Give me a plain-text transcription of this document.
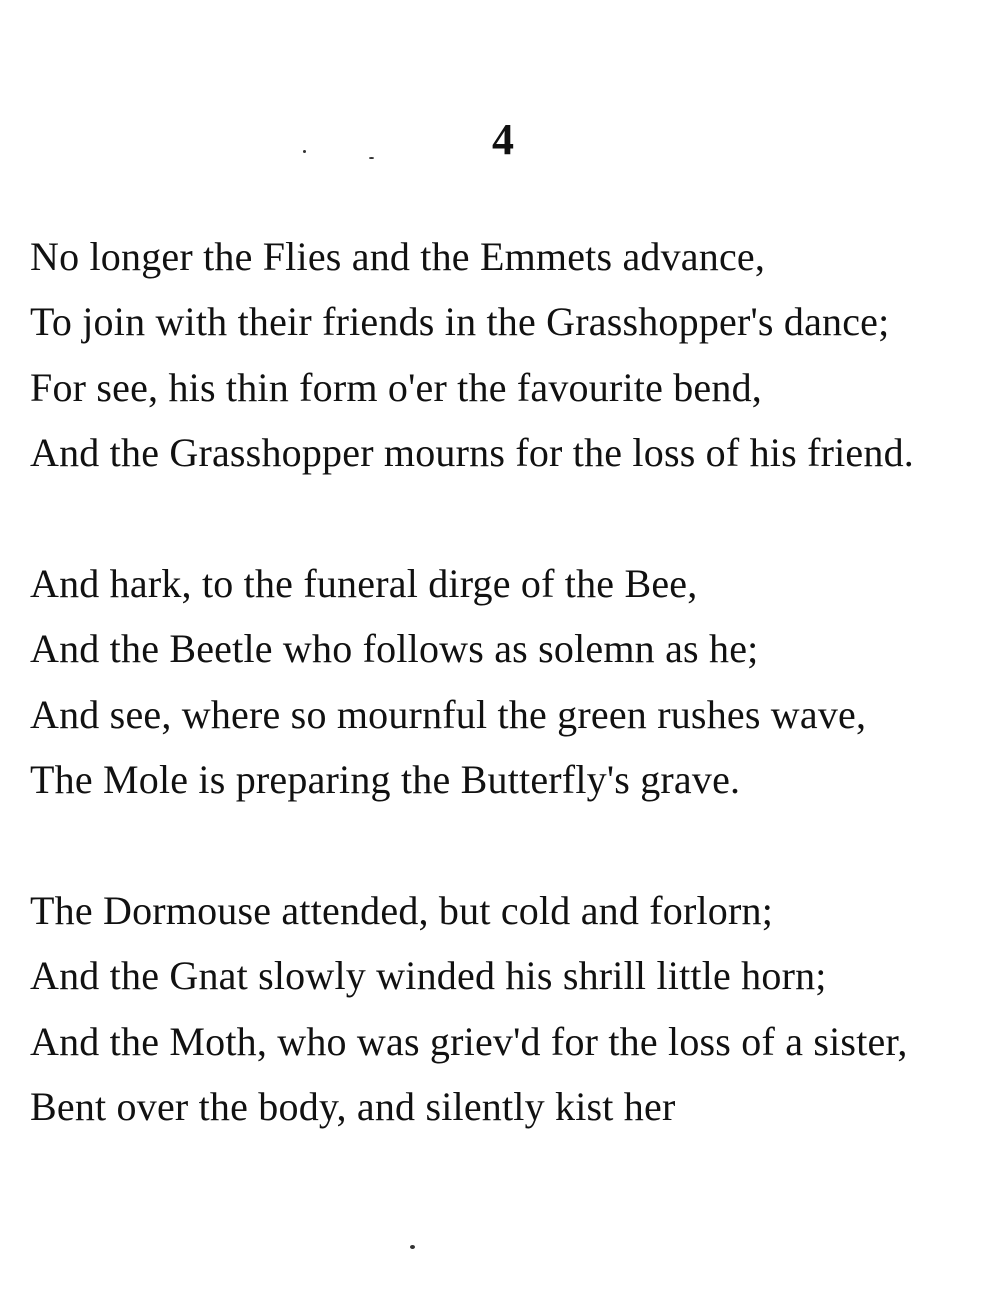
4
No longer the Flies and the Emmets advance,
To join with their friends in the Grasshopper's dance;
For see, his thin form o'er the favourite bend,
And the Grasshopper mourns for the loss of his friend.
And hark, to the funeral dirge of the Bee,
And the Beetle who follows as solemn as he;
And see, where so mournful the green rushes wave,
The Mole is preparing the Butterfly's grave.
The Dormouse attended, but cold and forlorn;
And the Gnat slowly winded his shrill little horn;
And the Moth, who was griev'd for the loss of a sister,
Bent over the body, and silently kist her
